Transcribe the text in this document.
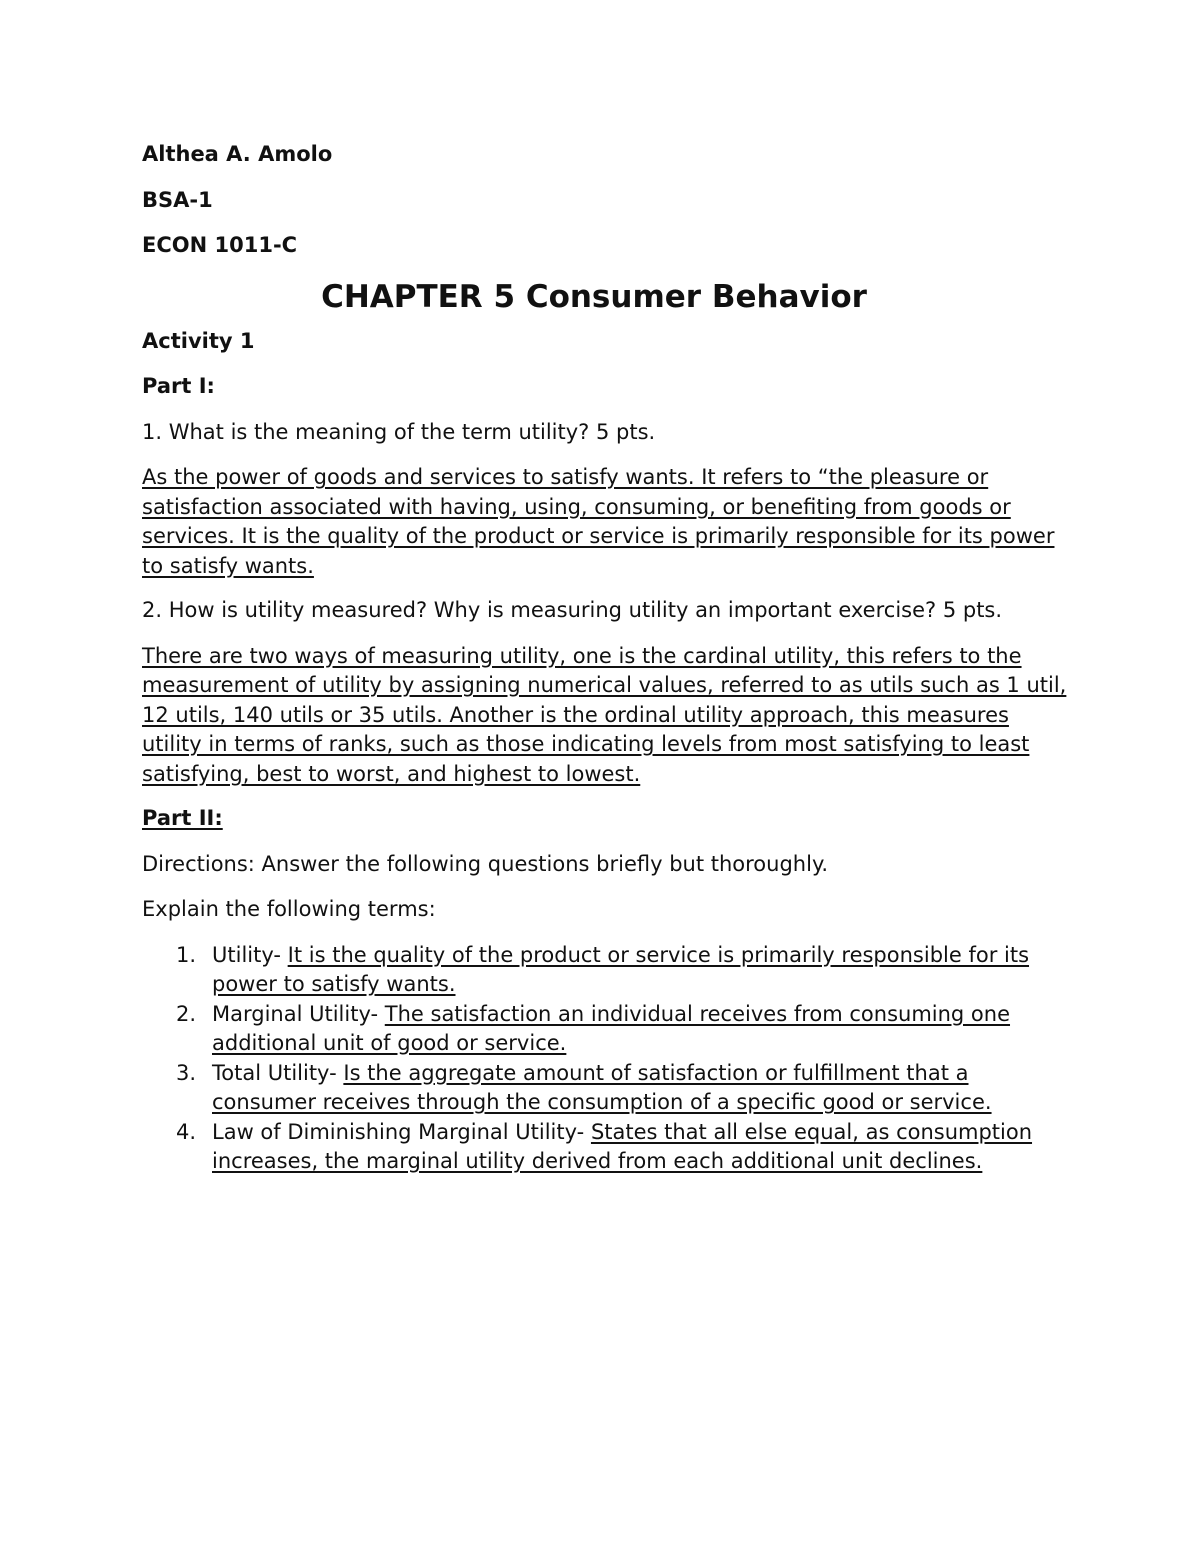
Althea A. Amolo
BSA-1
ECON 1011-C
CHAPTER 5 Consumer Behavior
Activity 1
Part I:

1. What is the meaning of the term utility? 5 pts.

As the power of goods and services to satisfy wants. It refers to “the pleasure or satisfaction associated with having, using, consuming, or benefiting from goods or services. It is the quality of the product or service is primarily responsible for its power to satisfy wants.

2. How is utility measured? Why is measuring utility an important exercise? 5 pts.

There are two ways of measuring utility, one is the cardinal utility, this refers to the measurement of utility by assigning numerical values, referred to as utils such as 1 util, 12 utils, 140 utils or 35 utils. Another is the ordinal utility approach, this measures utility in terms of ranks, such as those indicating levels from most satisfying to least satisfying, best to worst, and highest to lowest.

Part II:

Directions: Answer the following questions briefly but thoroughly.

Explain the following terms:

1. Utility- It is the quality of the product or service is primarily responsible for its power to satisfy wants.
2. Marginal Utility- The satisfaction an individual receives from consuming one additional unit of good or service.
3. Total Utility- Is the aggregate amount of satisfaction or fulfillment that a consumer receives through the consumption of a specific good or service.
4. Law of Diminishing Marginal Utility- States that all else equal, as consumption increases, the marginal utility derived from each additional unit declines.
